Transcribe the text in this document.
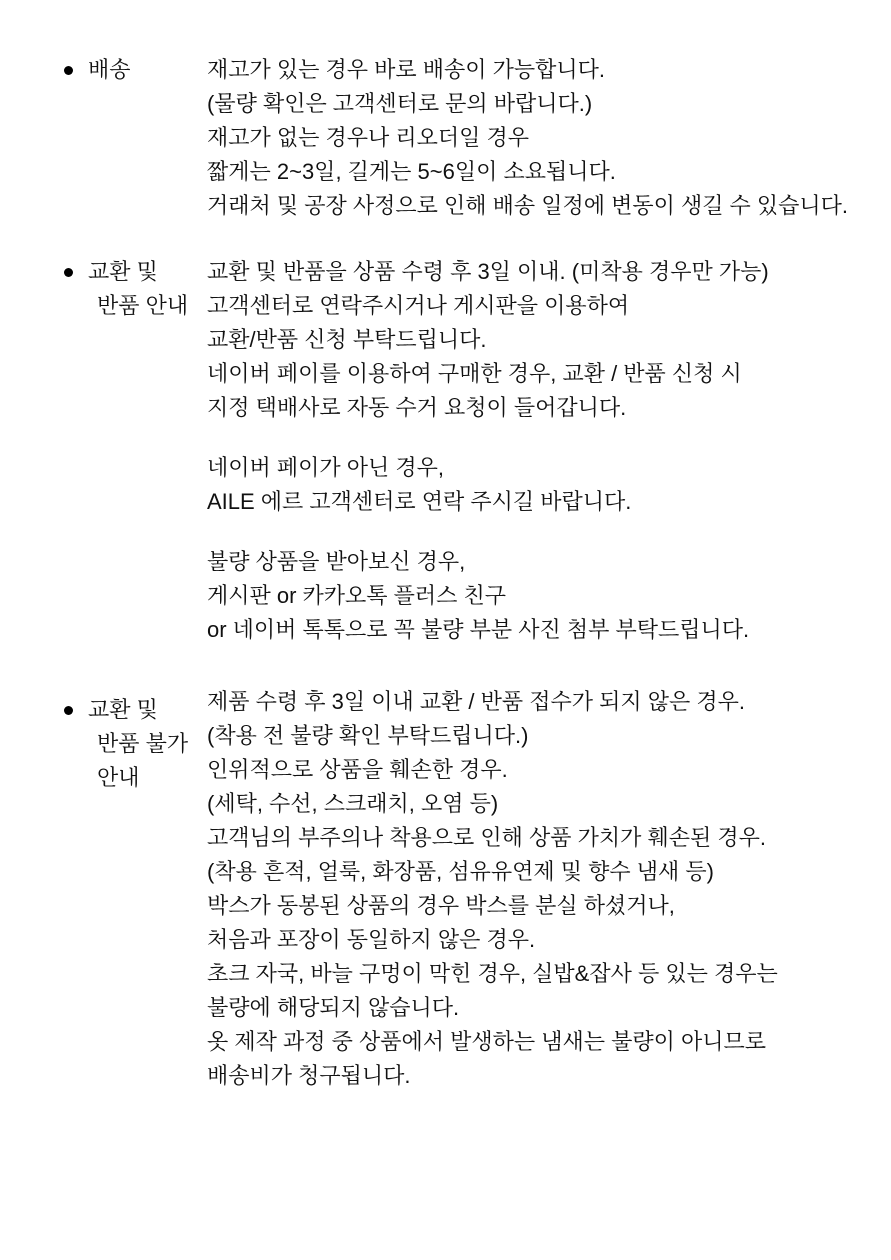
배송	재고가 있는 경우 바로 배송이 가능합니다.
(물량 확인은 고객센터로 문의 바랍니다.)
재고가 없는 경우나 리오더일 경우
짧게는 2~3일, 길게는 5~6일이 소요됩니다.
거래처 및 공장 사정으로 인해 배송 일정에 변동이 생길 수 있습니다.
교환 및
반품 안내
교환 및 반품을 상품 수령 후 3일 이내. (미착용 경우만 가능)
고객센터로 연락주시거나 게시판을 이용하여
교환/반품 신청 부탁드립니다.
네이버 페이를 이용하여 구매한 경우, 교환 / 반품 신청 시
지정 택배사로 자동 수거 요청이 들어갑니다.
네이버 페이가 아닌 경우,
AILE 에르 고객센터로 연락 주시길 바랍니다.
불량 상품을 받아보신 경우,
게시판 or 카카오톡 플러스 친구
or 네이버 톡톡으로 꼭 불량 부분 사진 첨부 부탁드립니다.
교환 및
반품 불가
안내
제품 수령 후 3일 이내 교환 / 반품 접수가 되지 않은 경우.
(착용 전 불량 확인 부탁드립니다.)
인위적으로 상품을 훼손한 경우.
(세탁, 수선, 스크래치, 오염 등)
고객님의 부주의나 착용으로 인해 상품 가치가 훼손된 경우.
(착용 흔적, 얼룩, 화장품, 섬유유연제 및 향수 냄새 등)
박스가 동봉된 상품의 경우 박스를 분실 하셨거나,
처음과 포장이 동일하지 않은 경우.
초크 자국, 바늘 구멍이 막힌 경우, 실밥&잡사 등 있는 경우는
불량에 해당되지 않습니다.
옷 제작 과정 중 상품에서 발생하는 냄새는 불량이 아니므로
배송비가 청구됩니다.
